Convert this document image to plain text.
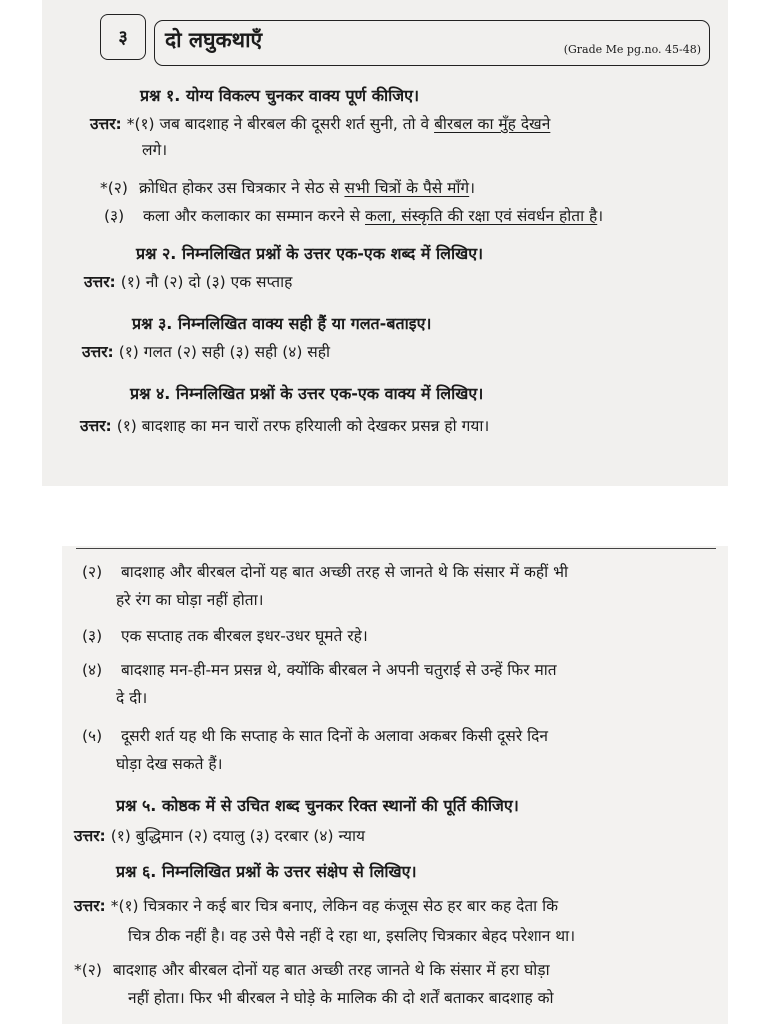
३ दो लघुकथाएँ	(Grade Me pg.no. 45-48)
प्रश्न १. योग्य विकल्प चुनकर वाक्य पूर्ण कीजिए।
उत्तर: *(१) जब बादशाह ने बीरबल की दूसरी शर्त सुनी, तो वे बीरबल का मुँह देखने
लगे।
*(२) क्रोधित होकर उस चित्रकार ने सेठ से सभी चित्रों के पैसे माँगे।
(३) कला और कलाकार का सम्मान करने से कला, संस्कृति की रक्षा एवं संवर्धन होता है।
प्रश्न २. निम्नलिखित प्रश्नों के उत्तर एक-एक शब्द में लिखिए।
उत्तर: (१) नौ (२) दो (३) एक सप्ताह
प्रश्न ३. निम्नलिखित वाक्य सही हैं या गलत-बताइए।
उत्तर: (१) गलत (२) सही (३) सही (४) सही
प्रश्न ४. निम्नलिखित प्रश्नों के उत्तर एक-एक वाक्य में लिखिए।
उत्तर: (१) बादशाह का मन चारों तरफ हरियाली को देखकर प्रसन्न हो गया।
(२) बादशाह और बीरबल दोनों यह बात अच्छी तरह से जानते थे कि संसार में कहीं भी
हरे रंग का घोड़ा नहीं होता।
(३) एक सप्ताह तक बीरबल इधर-उधर घूमते रहे।
(४) बादशाह मन-ही-मन प्रसन्न थे, क्योंकि बीरबल ने अपनी चतुराई से उन्हें फिर मात
दे दी।
(५) दूसरी शर्त यह थी कि सप्ताह के सात दिनों के अलावा अकबर किसी दूसरे दिन
घोड़ा देख सकते हैं।
प्रश्न ५. कोष्ठक में से उचित शब्द चुनकर रिक्त स्थानों की पूर्ति कीजिए।
उत्तर: (१) बुद्धिमान (२) दयालु (३) दरबार (४) न्याय
प्रश्न ६. निम्नलिखित प्रश्नों के उत्तर संक्षेप से लिखिए।
उत्तर: *(१) चित्रकार ने कई बार चित्र बनाए, लेकिन वह कंजूस सेठ हर बार कह देता कि
चित्र ठीक नहीं है। वह उसे पैसे नहीं दे रहा था, इसलिए चित्रकार बेहद परेशान था।
*(२) बादशाह और बीरबल दोनों यह बात अच्छी तरह जानते थे कि संसार में हरा घोड़ा
नहीं होता। फिर भी बीरबल ने घोड़े के मालिक की दो शर्तें बताकर बादशाह को
